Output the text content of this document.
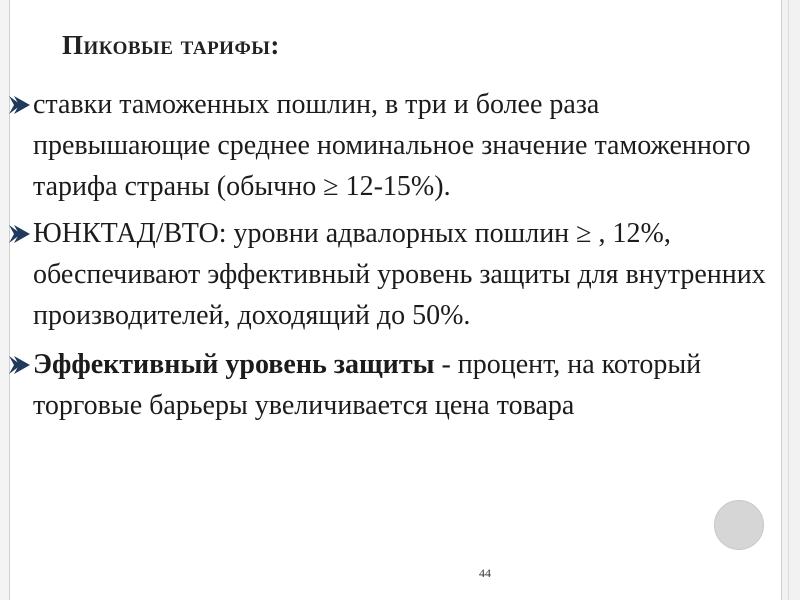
Пиковые тарифы:
ставки таможенных пошлин, в три и более раза превышающие среднее номинальное значение таможенного тарифа страны (обычно ≥ 12-15%).
ЮНКТАД/ВТО: уровни адвалорных пошлин ≥ , 12%, обеспечивают эффективный уровень защиты для внутренних производителей, доходящий до 50%.
Эффективный уровень защиты - процент, на который торговые барьеры увеличивается цена товара
44
